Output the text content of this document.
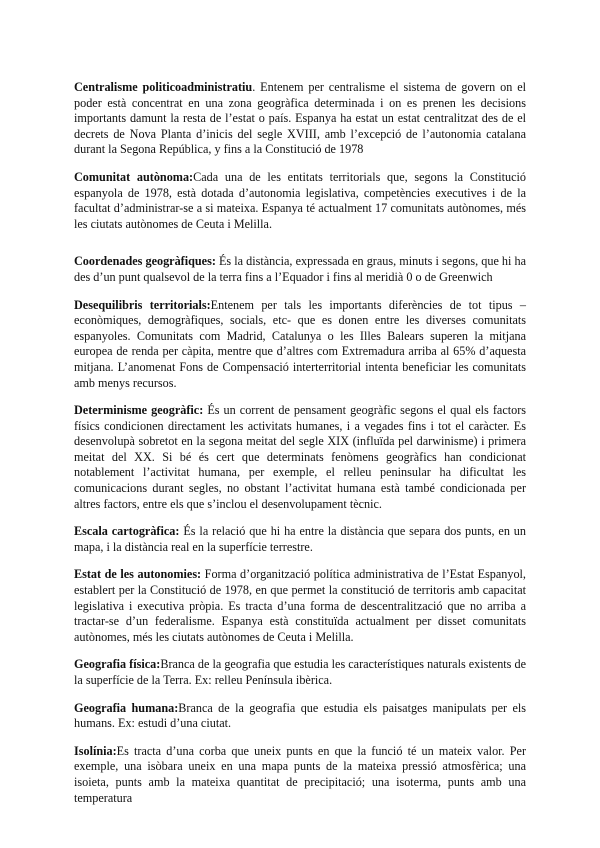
Centralisme politicoadministratiu. Entenem per centralisme el sistema de govern on el poder està concentrat en una zona geogràfica determinada i on es prenen les decisions importants damunt la resta de l’estat o país. Espanya ha estat un estat centralitzat des de el decrets de Nova Planta d’inicis del segle XVIII, amb l’excepció de l’autonomia catalana durant la Segona República, y fins a la Constitució de 1978

Comunitat autònoma:Cada una de les entitats territorials que, segons la Constitució espanyola de 1978, està dotada d’autonomia legislativa, competències executives i de la facultat d’administrar-se a si mateixa. Espanya té actualment 17 comunitats autònomes, més les ciutats autònomes de Ceuta i Melilla.

Coordenades geogràfiques: És la distància, expressada en graus, minuts i segons, que hi ha des d’un punt qualsevol de la terra fins a l’Equador i fins al meridià 0 o de Greenwich

Desequilibris territorials:Entenem per tals les importants diferències de tot tipus –econòmiques, demogràfiques, socials, etc- que es donen entre les diverses comunitats espanyoles. Comunitats com Madrid, Catalunya o les Illes Balears superen la mitjana europea de renda per càpita, mentre que d’altres com Extremadura arriba al 65% d’aquesta mitjana. L’anomenat Fons de Compensació interterritorial intenta beneficiar les comunitats amb menys recursos.

Determinisme geogràfic: És un corrent de pensament geogràfic segons el qual els factors físics condicionen directament les activitats humanes, i a vegades fins i tot el caràcter. Es desenvolupà sobretot en la segona meitat del segle XIX (influïda pel darwinisme) i primera meitat del XX. Si bé és cert que determinats fenòmens geogràfics han condicionat notablement l’activitat humana, per exemple, el relleu peninsular ha dificultat les comunicacions durant segles, no obstant l’activitat humana està també condicionada per altres factors, entre els que s’inclou el desenvolupament tècnic.

Escala cartogràfica: És la relació que hi ha entre la distància que separa dos punts, en un mapa, i la distància real en la superfície terrestre.

Estat de les autonomies: Forma d’organització política administrativa de l’Estat Espanyol, establert per la Constitució de 1978, en que permet la constitució de territoris amb capacitat legislativa i executiva pròpia. Es tracta d’una forma de descentralització que no arriba a tractar-se d’un federalisme. Espanya està constituïda actualment per disset comunitats autònomes, més les ciutats autònomes de Ceuta i Melilla.

Geografia física:Branca de la geografia que estudia les característiques naturals existents de la superfície de la Terra. Ex: relleu Península ibèrica.

Geografia humana:Branca de la geografia que estudia els paisatges manipulats per els humans. Ex: estudi d’una ciutat.

Isolínia:Es tracta d’una corba que uneix punts en que la funció té un mateix valor. Per exemple, una isòbara uneix en una mapa punts de la mateixa pressió atmosfèrica; una isoieta, punts amb la mateixa quantitat de precipitació; una isoterma, punts amb una temperatura
